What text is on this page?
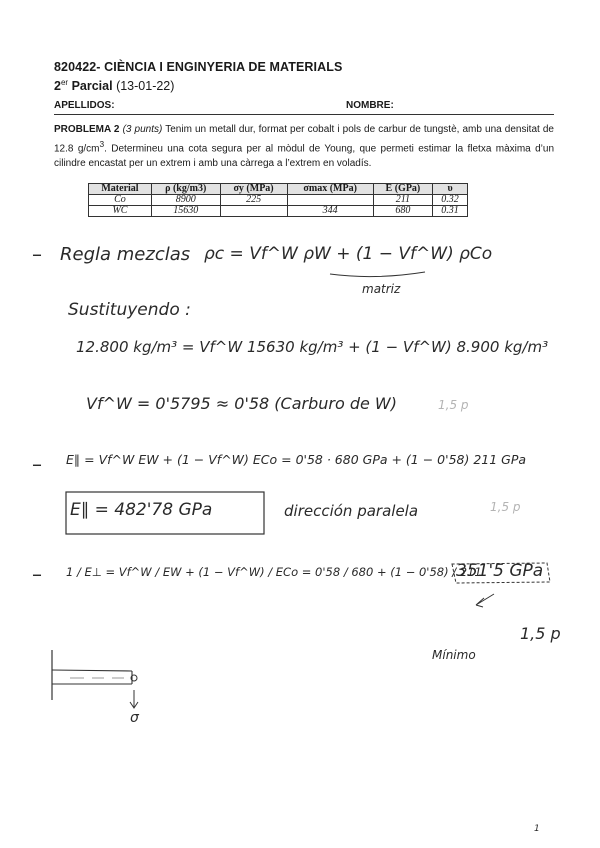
820422- CIÈNCIA I ENGINYERIA DE MATERIALS
2er Parcial (13-01-22)
APELLIDOS:	NOMBRE:
PROBLEMA 2 (3 punts) Tenim un metall dur, format per cobalt i pols de carbur de tungstè, amb una densitat de 12.8 $g/cm^3$. Determineu una cota segura per al mòdul de Young, que permeti estimar la fletxa màxima d’un cilindre encastat per un extrem i amb una càrrega a l’extrem en voladís.
Material	ρ (kg/m3)	σy (MPa)	σmax (MPa)	E (GPa)	υ
Co	8900	225		211	0.32
WC	15630		344	680	0.31
– Regla mezclas ρc = Vf^W ρW + (1 − Vf^W) ρCo
matriz
Sustituyendo :
12.800 kg/m³ = Vf^W 15630 kg/m³ + (1 − Vf^W) 8.900 kg/m³
Vf^W = 0'5795 ≈ 0'58 (Carburo de W)	1,5 p
– E∥ = Vf^W EW + (1 − Vf^W) ECo = 0'58 · 680 GPa + (1 − 0'58) 211 GPa
E∥ = 482'78 GPa	dirección paralela	1,5 p
– 1 / E⊥ = Vf^W / EW + (1 − Vf^W) / ECo = 0'58 / 680 + (1 − 0'58) / 211
351'5 GPa
1,5 p
Mínimo
σ
1
